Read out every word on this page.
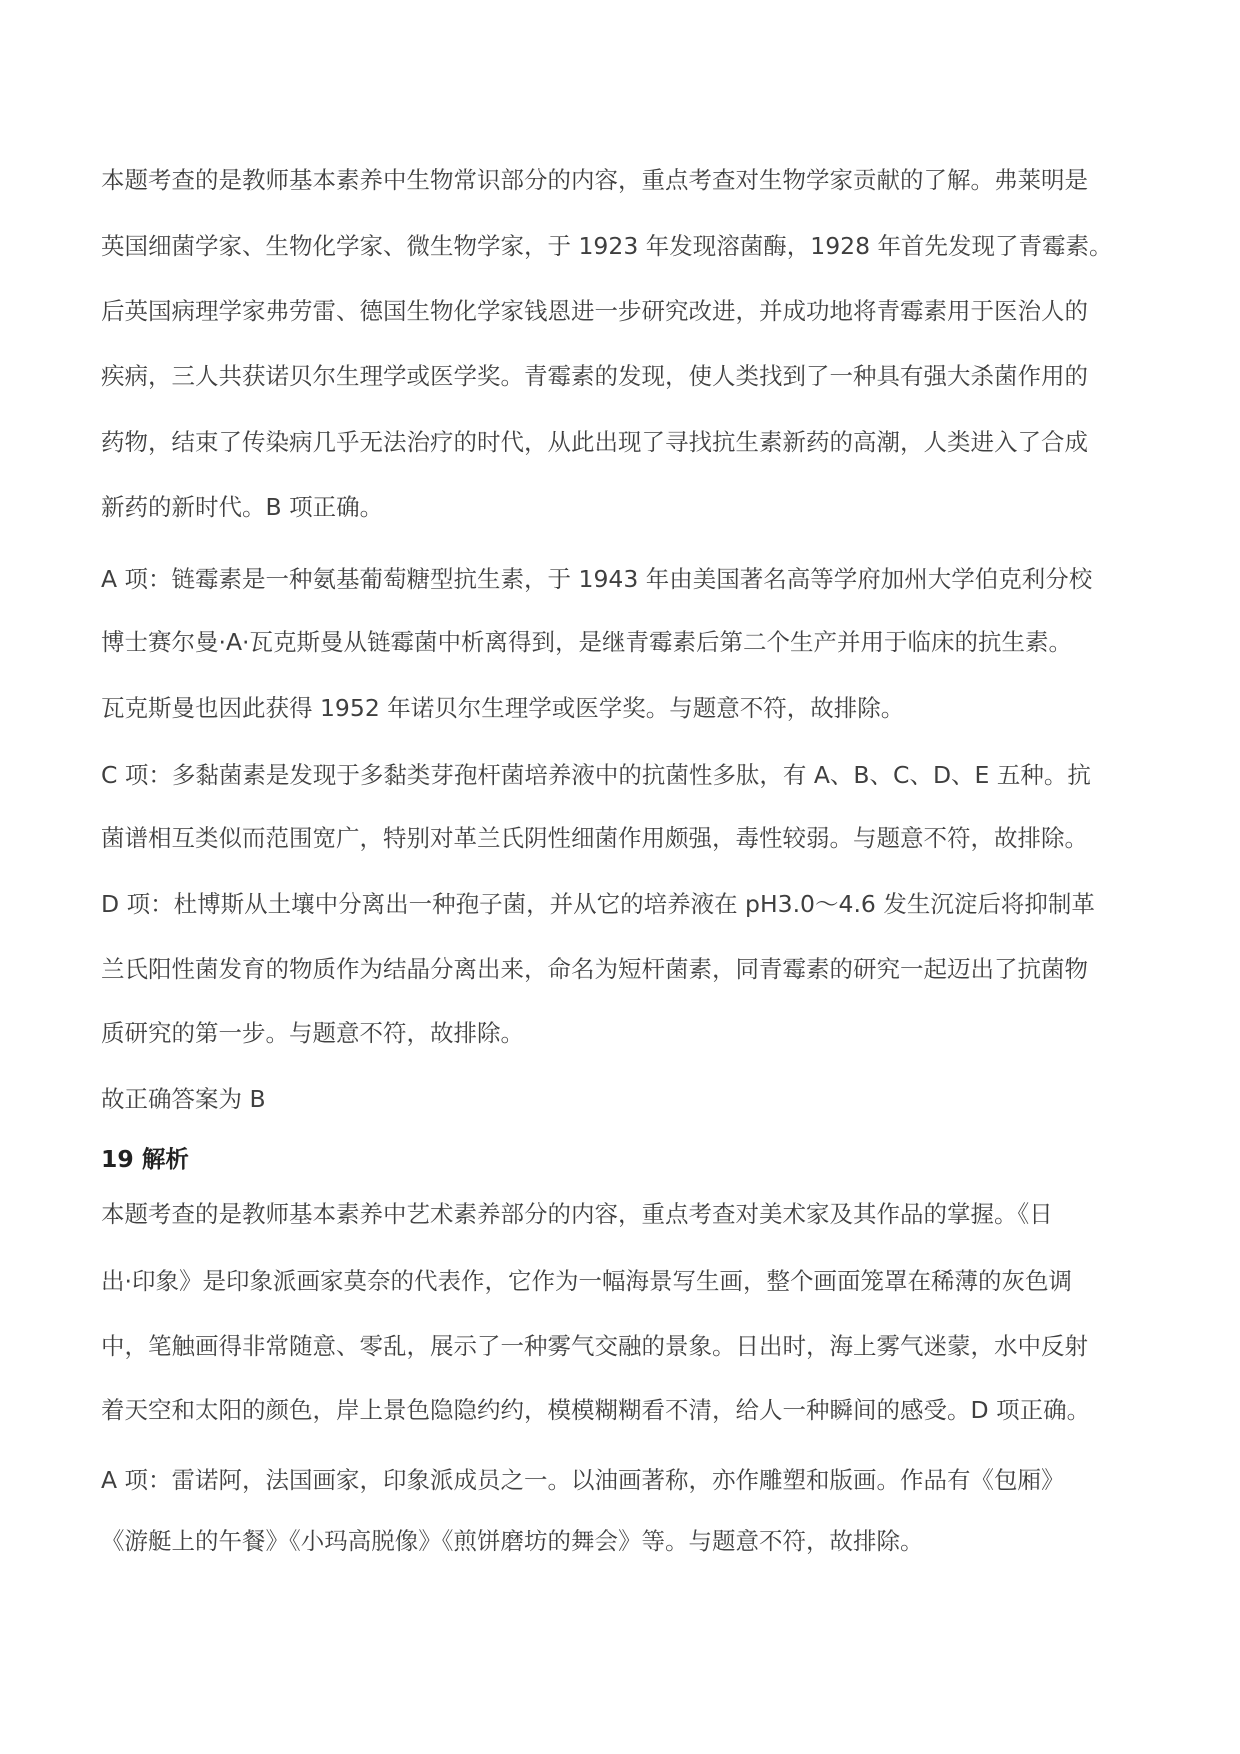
本题考查的是教师基本素养中生物常识部分的内容，重点考查对生物学家贡献的了解。弗莱明是
英国细菌学家、生物化学家、微生物学家，于 1923 年发现溶菌酶，1928 年首先发现了青霉素。
后英国病理学家弗劳雷、德国生物化学家钱恩进一步研究改进，并成功地将青霉素用于医治人的
疾病，三人共获诺贝尔生理学或医学奖。青霉素的发现，使人类找到了一种具有强大杀菌作用的
药物，结束了传染病几乎无法治疗的时代，从此出现了寻找抗生素新药的高潮，人类进入了合成
新药的新时代。B 项正确。
A 项：链霉素是一种氨基葡萄糖型抗生素，于 1943 年由美国著名高等学府加州大学伯克利分校
博士赛尔曼·A·瓦克斯曼从链霉菌中析离得到，是继青霉素后第二个生产并用于临床的抗生素。
瓦克斯曼也因此获得 1952 年诺贝尔生理学或医学奖。与题意不符，故排除。
C 项：多黏菌素是发现于多黏类芽孢杆菌培养液中的抗菌性多肽，有 A、B、C、D、E 五种。抗
菌谱相互类似而范围宽广，特别对革兰氏阴性细菌作用颇强，毒性较弱。与题意不符，故排除。
D 项：杜博斯从土壤中分离出一种孢子菌，并从它的培养液在 pH3.0～4.6 发生沉淀后将抑制革
兰氏阳性菌发育的物质作为结晶分离出来，命名为短杆菌素，同青霉素的研究一起迈出了抗菌物
质研究的第一步。与题意不符，故排除。
故正确答案为 B
19 解析
本题考查的是教师基本素养中艺术素养部分的内容，重点考查对美术家及其作品的掌握。《日
出·印象》是印象派画家莫奈的代表作，它作为一幅海景写生画，整个画面笼罩在稀薄的灰色调
中，笔触画得非常随意、零乱，展示了一种雾气交融的景象。日出时，海上雾气迷蒙，水中反射
着天空和太阳的颜色，岸上景色隐隐约约，模模糊糊看不清，给人一种瞬间的感受。D 项正确。
A 项：雷诺阿，法国画家，印象派成员之一。以油画著称，亦作雕塑和版画。作品有《包厢》
《游艇上的午餐》《小玛高脱像》《煎饼磨坊的舞会》等。与题意不符，故排除。
